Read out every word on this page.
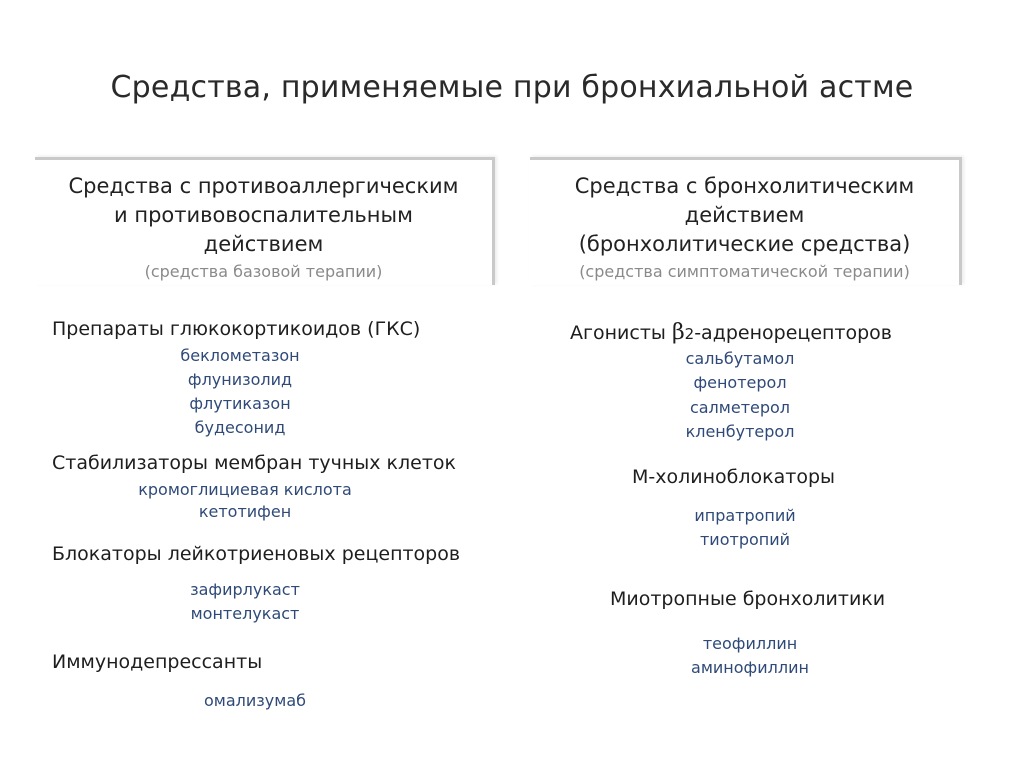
Средства, применяемые при бронхиальной астме
Средства с противоаллергическим
и противовоспалительным
действием
(средства базовой терапии)
Средства с бронхолитическим
действием
(бронхолитические средства)
(средства симптоматической терапии)
Препараты глюкокортикоидов (ГКС)
беклометазон
флунизолид
флутиказон
будесонид
Стабилизаторы мембран тучных клеток
кромоглициевая кислота
кетотифен
Блокаторы лейкотриеновых рецепторов
зафирлукаст
монтелукаст
Иммунодепрессанты
омализумаб
Агонисты β2-адренорецепторов
сальбутамол
фенотерол
салметерол
кленбутерол
М-холиноблокаторы
ипратропий
тиотропий
Миотропные бронхолитики
теофиллин
аминофиллин
